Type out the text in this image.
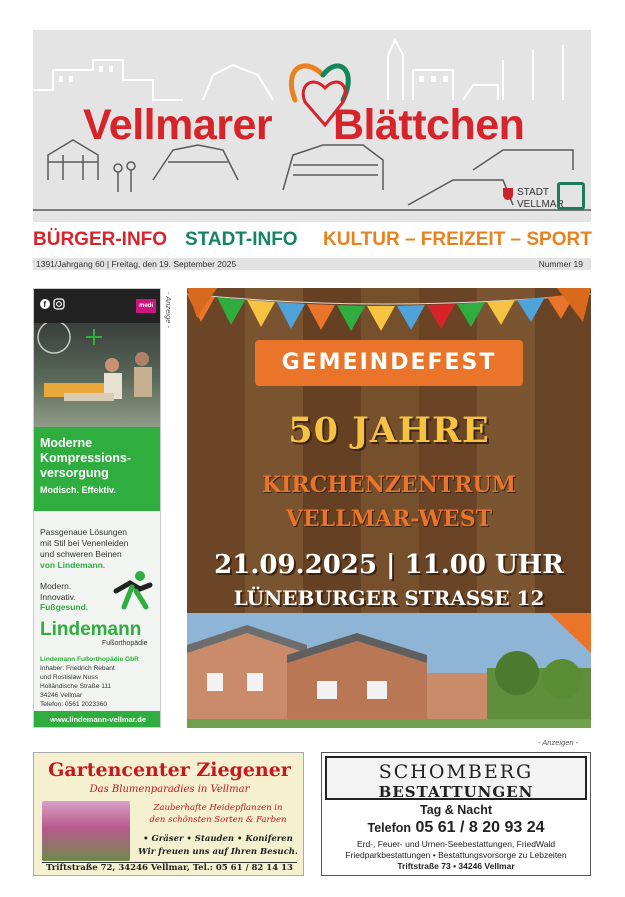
Vellmarer Blättchen
STADT
VELLMAR
BÜRGER-INFO STADT-INFO KULTUR – FREIZEIT – SPORT
1391/Jahrgang 60 | Freitag, den 19. September 2025	Nummer 19
f	medi
Moderne
Kompressions-
versorgung
Modisch. Effektiv.
Passgenaue Lösungen
mit Stil bei Venenleiden
und schweren Beinen
von Lindemann.
Modern.
Innovativ.
Fußgesund.
Lindemann
Fußorthopädie
Lindemann Fußorthopädie GbR
Inhaber: Friedrich Rebant
und Rostislaw Nuss
Holländische Straße 111
34246 Vellmar
Telefon: 0561 2023360
www.lindemann-vellmar.de
- Anzeige -
GEMEINDEFEST
50 JAHRE
KIRCHENZENTRUM
VELLMAR-WEST
21.09.2025 | 11.00 UHR
LÜNEBURGER STRASSE 12
- Anzeigen -
Gartencenter Ziegener
Das Blumenparadies in Vellmar
Zauberhafte Heidepflanzen in
den schönsten Sorten & Farben
• Gräser • Stauden • Koniferen
Wir freuen uns auf Ihren Besuch.
Triftstraße 72, 34246 Vellmar, Tel.: 05 61 / 82 14 13
SCHOMBERG
BESTATTUNGEN
Tag & Nacht
Telefon 05 61 / 8 20 93 24
Erd-, Feuer- und Urnen-Seebestattungen, FriedWald
Friedparkbestattungen • Bestattungsvorsorge zu Lebzeiten
Triftstraße 73 • 34246 Vellmar
